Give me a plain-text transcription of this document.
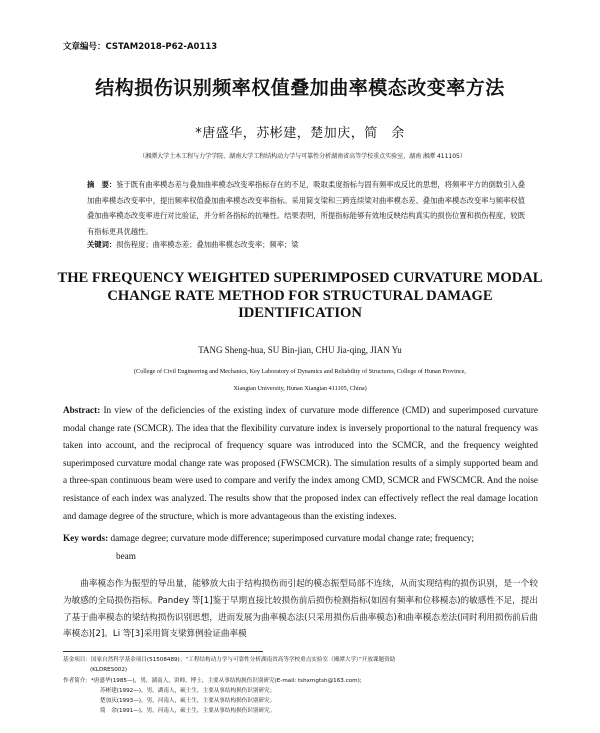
文章编号：CSTAM2018-P62-A0113
结构损伤识别频率权值叠加曲率模态改变率方法
*唐盛华，苏彬建，楚加庆，简　余
（湘潭大学土木工程与力学学院、湖南大学工程结构动力学与可靠性分析湖南省高等学校重点实验室，湖南 湘潭 411105）
摘　要：鉴于既有曲率模态差与叠加曲率模态改变率指标存在的不足，吸取柔度指标与固有频率成反比的思想，将频率平方的倒数引入叠加曲率模态改变率中，提出频率权值叠加曲率模态改变率指标。采用简支梁和三跨连续梁对曲率模态差、叠加曲率模态改变率与频率权值叠加曲率模态改变率进行对比验证，并分析各指标的抗噪性。结果表明，所提指标能够有效地反映结构真实的损伤位置和损伤程度，较既有指标更具优越性。
关键词：损伤程度；曲率模态差；叠加曲率模态改变率；频率；梁
THE FREQUENCY WEIGHTED SUPERIMPOSED CURVATURE MODAL CHANGE RATE METHOD FOR STRUCTURAL DAMAGE IDENTIFICATION
TANG Sheng-hua, SU Bin-jian, CHU Jia-qing, JIAN Yu
(College of Civil Engineering and Mechanics, Key Laboratory of Dynamics and Reliability of Structures, College of Hunan Province,
Xiangtan University, Hunan Xiangtan 411105, China)
Abstract: In view of the deficiencies of the existing index of curvature mode difference (CMD) and superimposed curvature modal change rate (SCMCR). The idea that the flexibility curvature index is inversely proportional to the natural frequency was taken into account, and the reciprocal of frequency square was introduced into the SCMCR, and the frequency weighted superimposed curvature modal change rate was proposed (FWSCMCR). The simulation results of a simply supported beam and a three-span continuous beam were used to compare and verify the index among CMD, SCMCR and FWSCMCR. And the noise resistance of each index was analyzed. The results show that the proposed index can effectively reflect the real damage location and damage degree of the structure, which is more advantageous than the existing indexes.
Key words: damage degree; curvature mode difference; superimposed curvature modal change rate; frequency;
beam
曲率模态作为振型的导出量，能够放大由于结构损伤而引起的模态振型局部不连续，从而实现结构的损伤识别，是一个较为敏感的全局损伤指标。Pandey 等[1]鉴于早期直接比较损伤前后损伤检测指标(如固有频率和位移模态)的敏感性不足，提出了基于曲率模态的梁结构损伤识别思想，进而发展为曲率模态法(只采用损伤后曲率模态)和曲率模态差法(同时利用损伤前后曲率模态)[2]。Li 等[3]采用简支梁算例验证曲率模
基金项目：国家自然科学基金项目(51508489)；“工程结构动力学与可靠性分析湖南省高等学校重点实验室（湘潭大学）”开放课题资助
(KLDRES002)
作者简介：*唐盛华(1985—)，男，湖南人，讲师，博士，主要从事结构损伤识别研究(E-mail: tshxmgtsh@163.com);
苏彬建(1992—)，男，湖南人，硕士生，主要从事结构损伤识别研究；
楚加庆(1993—)，男，河南人，硕士生，主要从事结构损伤识别研究；
简　余(1991—)，男，河南人，硕士生，主要从事结构损伤识别研究。
